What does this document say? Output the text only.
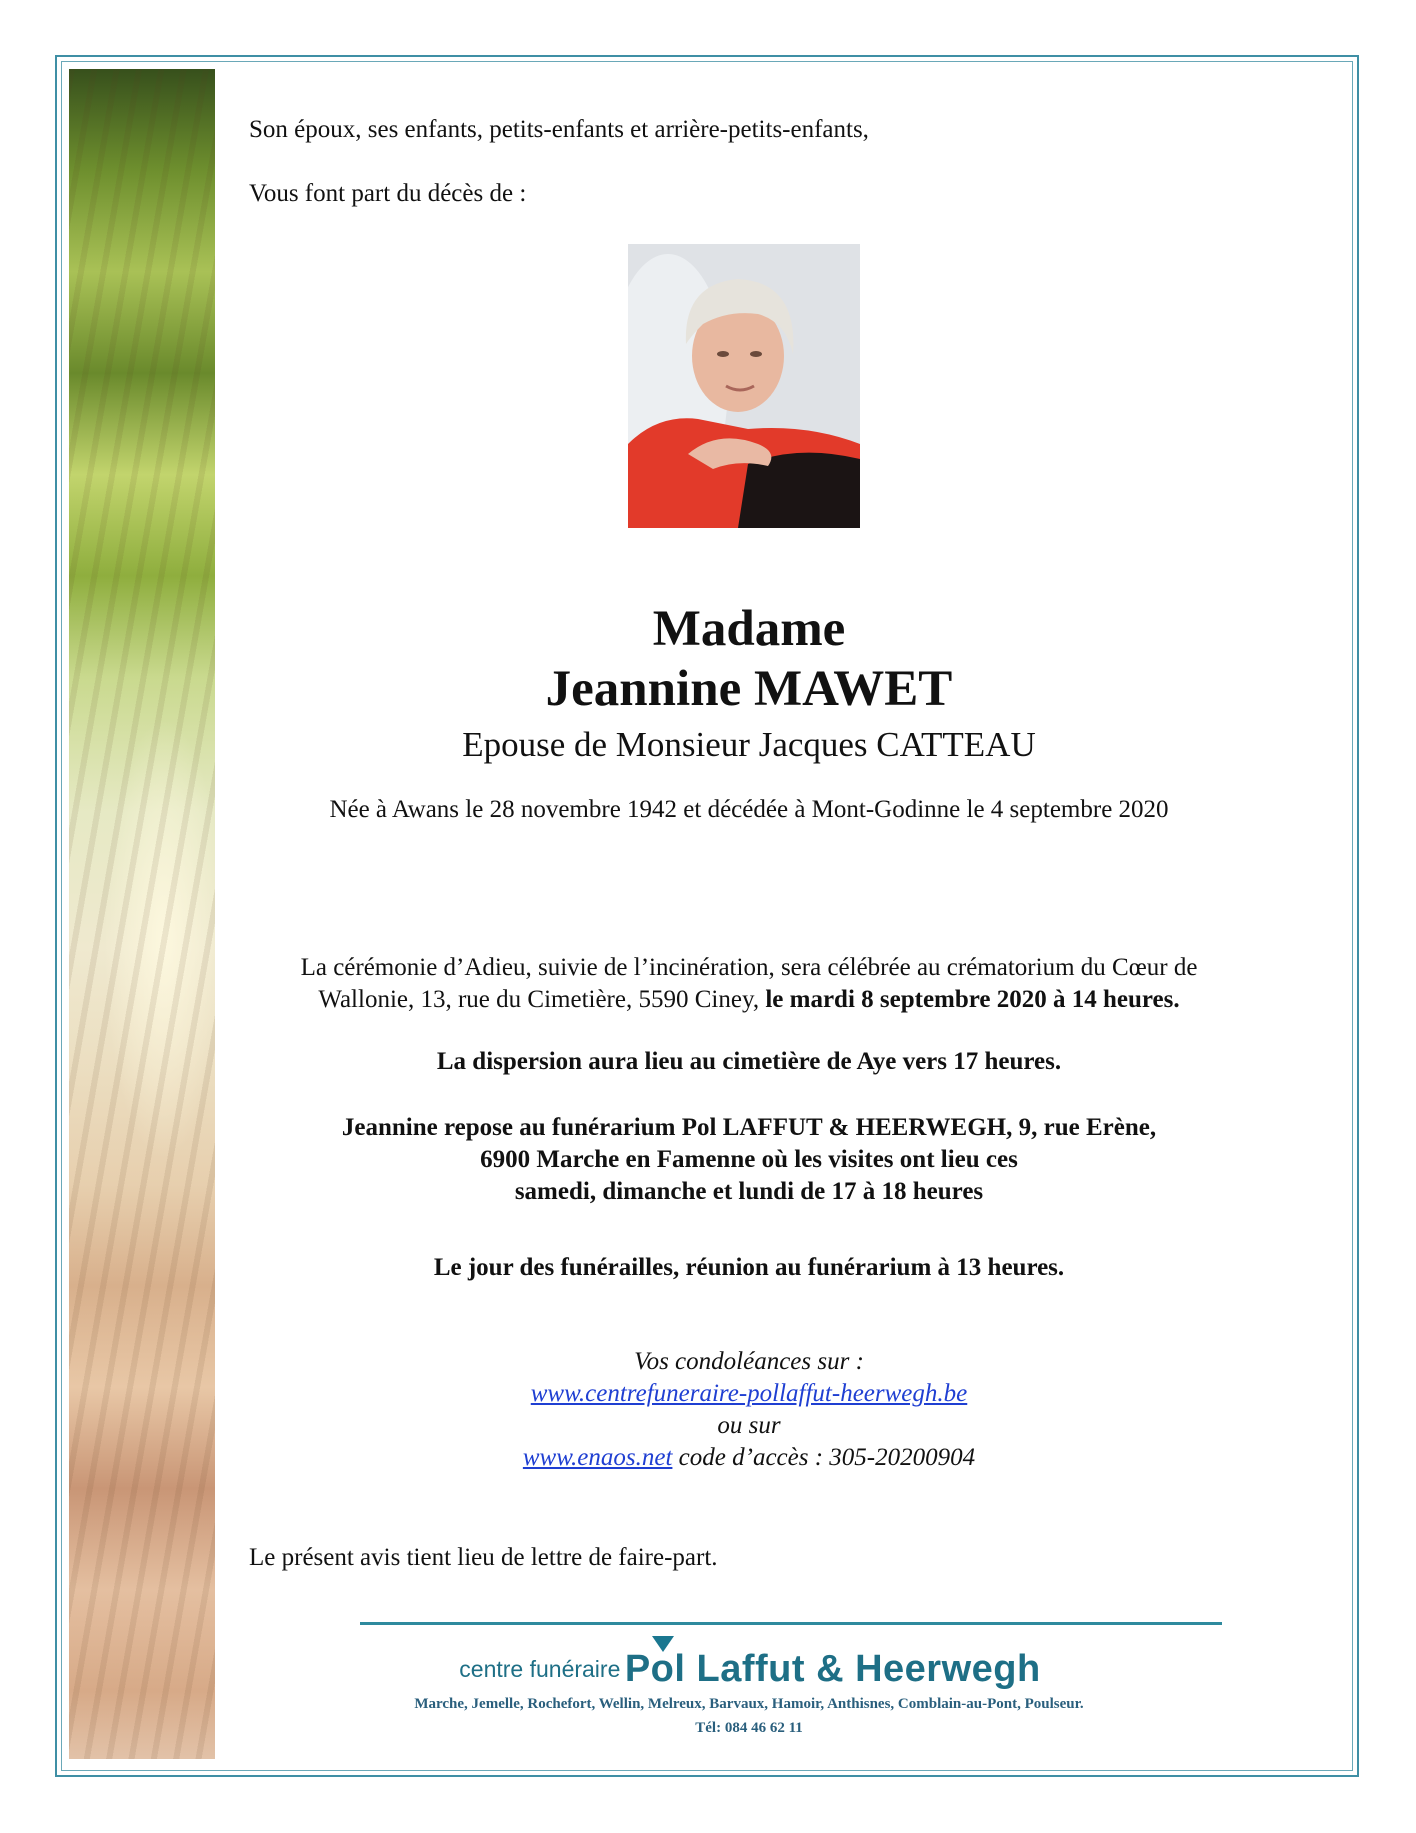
Son époux, ses enfants, petits-enfants et arrière-petits-enfants,
Vous font part du décès de :
Madame
Jeannine MAWET
Epouse de Monsieur Jacques CATTEAU
Née à Awans le 28 novembre 1942 et décédée à Mont-Godinne le 4 septembre 2020
La cérémonie d’Adieu, suivie de l’incinération, sera célébrée au crématorium du Cœur de
Wallonie, 13, rue du Cimetière, 5590 Ciney, le mardi 8 septembre 2020 à 14 heures.
La dispersion aura lieu au cimetière de Aye vers 17 heures.
Jeannine repose au funérarium Pol LAFFUT & HEERWEGH, 9, rue Erène,
6900 Marche en Famenne où les visites ont lieu ces
samedi, dimanche et lundi de 17 à 18 heures
Le jour des funérailles, réunion au funérarium à 13 heures.
Vos condoléances sur :
www.centrefuneraire-pollaffut-heerwegh.be
ou sur
www.enaos.net code d’accès : 305-20200904
Le présent avis tient lieu de lettre de faire-part.
centre funéraire Pol Laffut & Heerwegh
Marche, Jemelle, Rochefort, Wellin, Melreux, Barvaux, Hamoir, Anthisnes, Comblain-au-Pont, Poulseur.
Tél: 084 46 62 11
